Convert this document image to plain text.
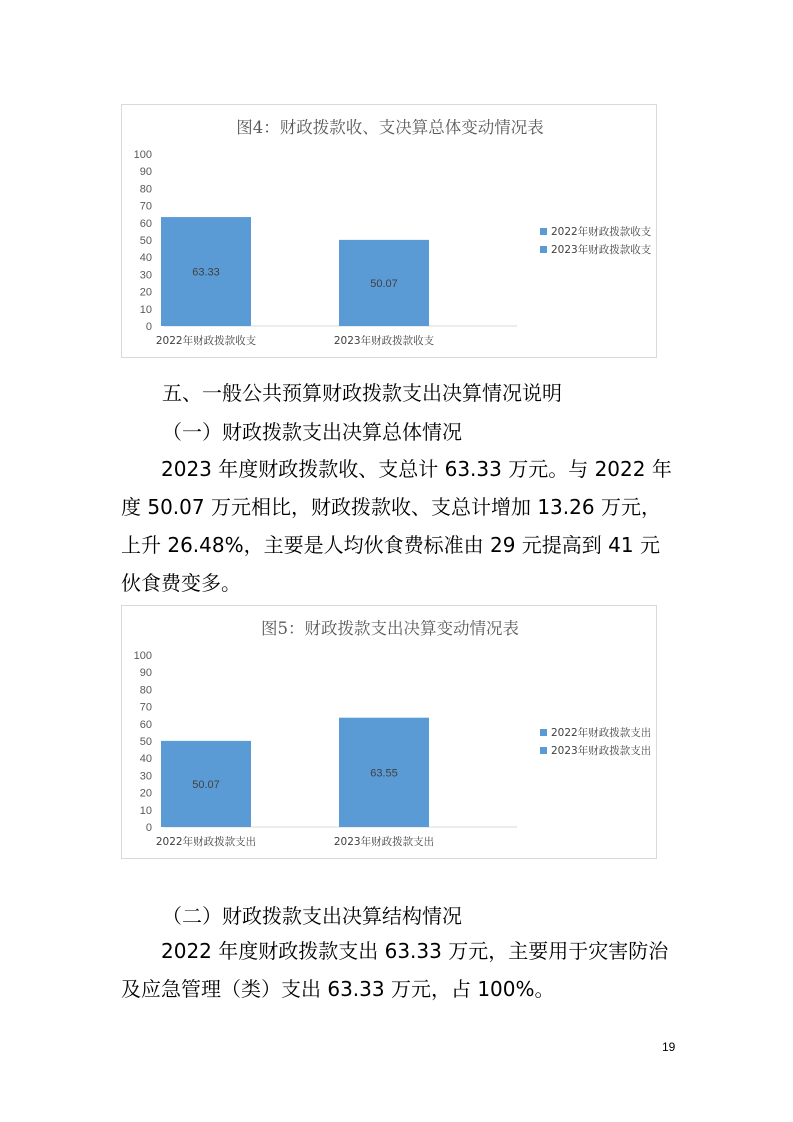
图4：财政拨款收、支决算总体变动情况表
0
10
20
30
40
50
60
70
80
90
100
63.33
2022年财政拨款收支
50.07
2023年财政拨款收支
2022年财政拨款收支
2023年财政拨款收支

五、一般公共预算财政拨款支出决算情况说明

（一）财政拨款支出决算总体情况

2023 年度财政拨款收、支总计 63.33 万元。与 2022 年
度 50.07 万元相比，财政拨款收、支总计增加 13.26 万元，
上升 26.48%，主要是人均伙食费标准由 29 元提高到 41 元
伙食费变多。
图5：财政拨款支出决算变动情况表
0
10
20
30
40
50
60
70
80
90
100
50.07
2022年财政拨款支出
63.55
2023年财政拨款支出
2022年财政拨款支出
2023年财政拨款支出

（二）财政拨款支出决算结构情况

2022 年度财政拨款支出 63.33 万元，主要用于灾害防治
及应急管理（类）支出 63.33 万元，占 100%。
19
